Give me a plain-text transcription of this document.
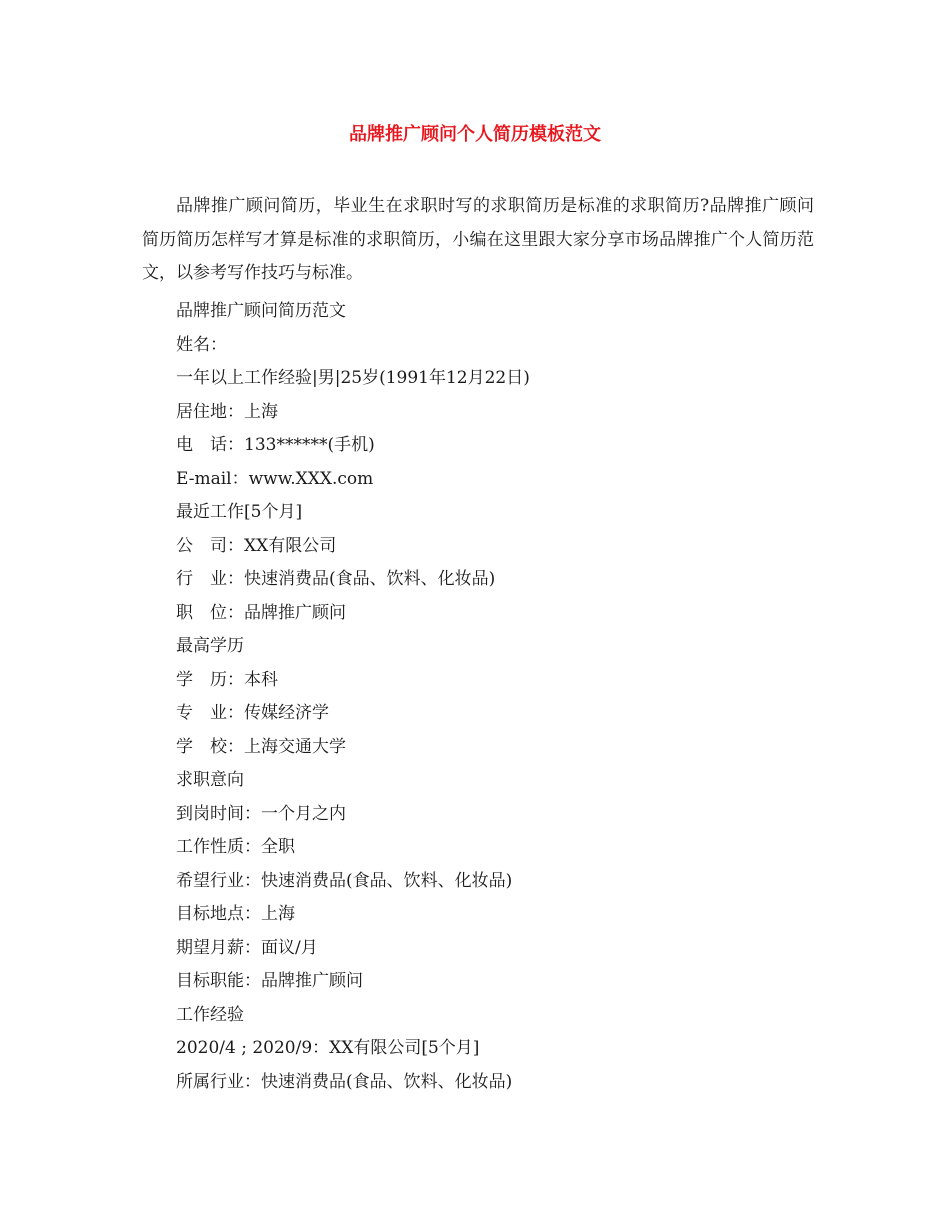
品牌推广顾问个人简历模板范文
品牌推广顾问简历，毕业生在求职时写的求职简历是标准的求职简历?品牌推广顾问简历简历怎样写才算是标准的求职简历，小编在这里跟大家分享市场品牌推广个人简历范文，以参考写作技巧与标准。
品牌推广顾问简历范文
姓名：
一年以上工作经验|男|25岁(1991年12月22日)
居住地：上海
电　话：133******(手机)
E-mail：www.XXX.com
最近工作[5个月]
公　司：XX有限公司
行　业：快速消费品(食品、饮料、化妆品)
职　位：品牌推广顾问
最高学历
学　历：本科
专　业：传媒经济学
学　校：上海交通大学
求职意向
到岗时间：一个月之内
工作性质：全职
希望行业：快速消费品(食品、饮料、化妆品)
目标地点：上海
期望月薪：面议/月
目标职能：品牌推广顾问
工作经验
2020/4 ; 2020/9：XX有限公司[5个月]
所属行业：快速消费品(食品、饮料、化妆品)
